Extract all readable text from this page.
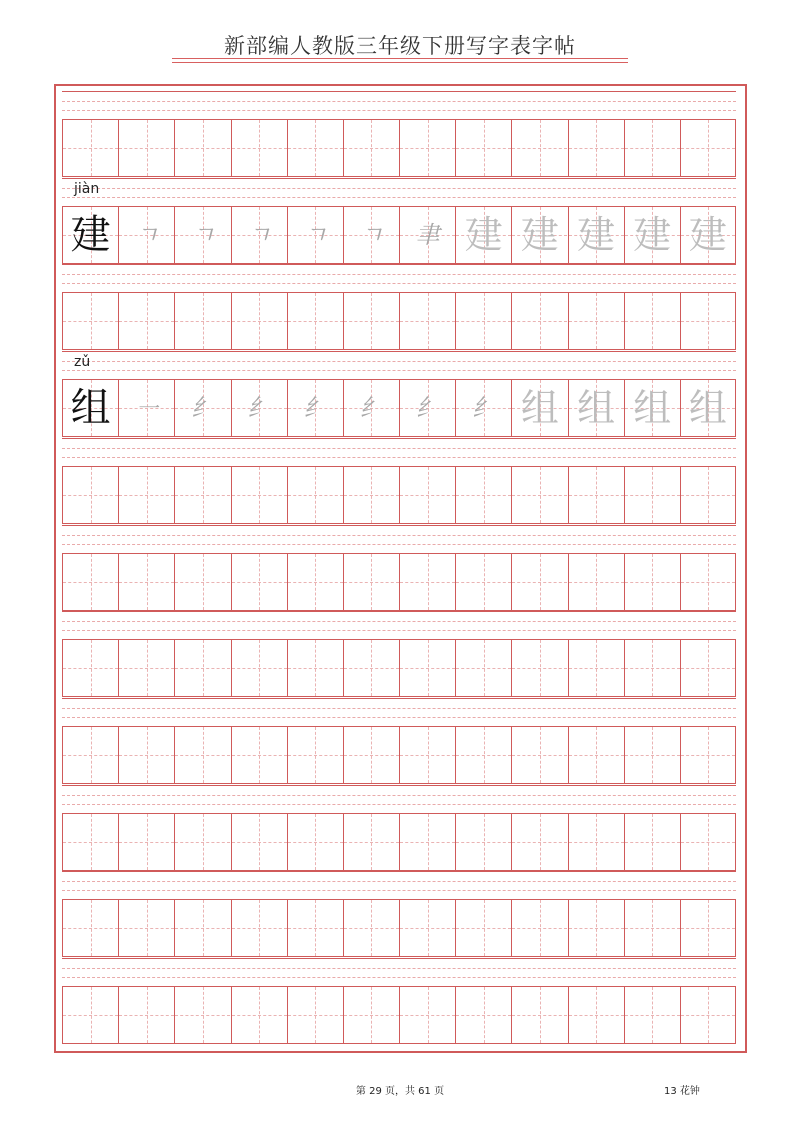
新部编人教版三年级下册写字表字帖
jiàn
建	ㄱ	ㄱ	ㄱ	ㄱ	ㄱ	聿 建 建 建 建 建
zǔ
组	㇐	纟	纟	纟	纟	纟	纟 组 组 组 组
第 29 页，共 61 页	13 花钟
